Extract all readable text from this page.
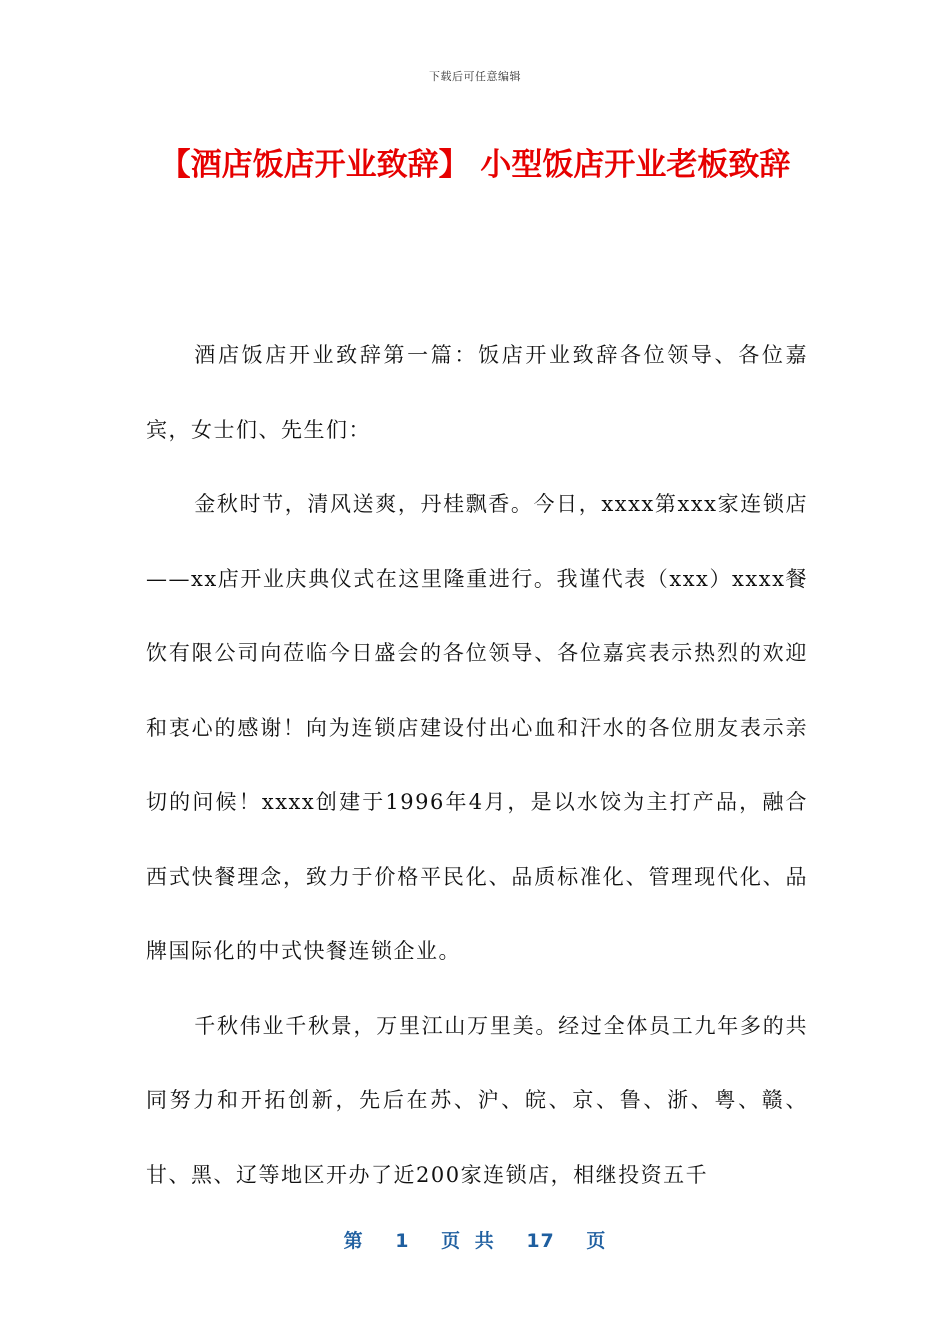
下载后可任意编辑
【酒店饭店开业致辞】 小型饭店开业老板致辞

酒店饭店开业致辞第一篇：饭店开业致辞各位领导、各位嘉宾，女士们、先生们：

金秋时节，清风送爽，丹桂飘香。今日，xxxx第xxx家连锁店——xx店开业庆典仪式在这里隆重进行。我谨代表（xxx）xxxx餐饮有限公司向莅临今日盛会的各位领导、各位嘉宾表示热烈的欢迎和衷心的感谢！向为连锁店建设付出心血和汗水的各位朋友表示亲切的问候！xxxx创建于1996年4月，是以水饺为主打产品，融合西式快餐理念，致力于价格平民化、品质标准化、管理现代化、品牌国际化的中式快餐连锁企业。

千秋伟业千秋景，万里江山万里美。经过全体员工九年多的共同努力和开拓创新，先后在苏、沪、皖、京、鲁、浙、粤、赣、甘、黑、辽等地区开办了近200家连锁店，相继投资五千

第 1 页 共 17 页
